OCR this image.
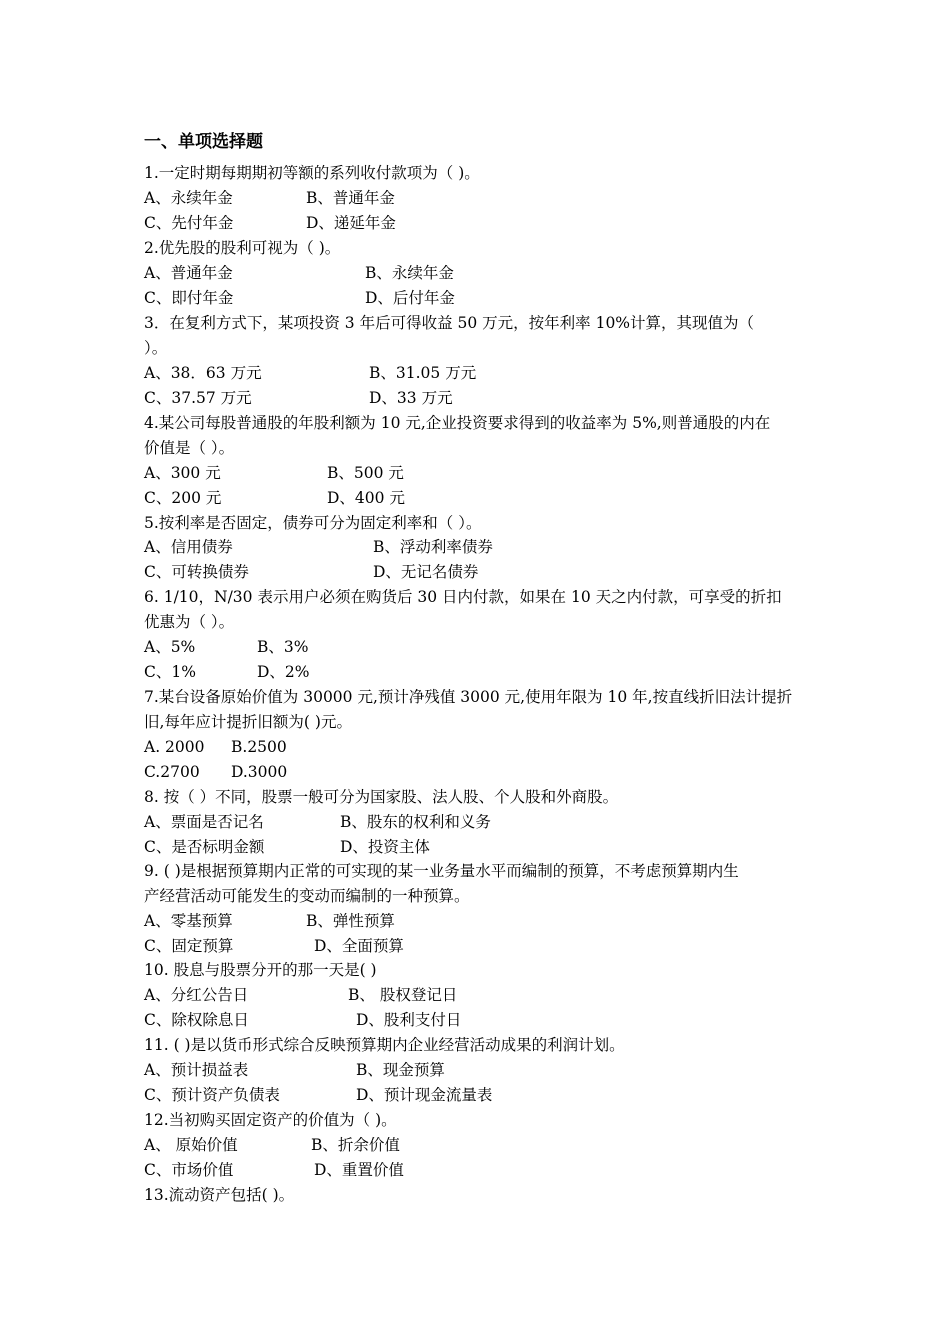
一、单项选择题
1.一定时期每期期初等额的系列收付款项为（ )。
A、永续年金	B、普通年金
C、先付年金	D、递延年金
2.优先股的股利可视为（ )。
A、普通年金	B、永续年金
C、即付年金	D、后付年金
3．在复利方式下，某项投资 3 年后可得收益 50 万元，按年利率 10%计算，其现值为（
）。
A、38．63 万元	B、31.05 万元
C、37.57 万元	D、33 万元
4.某公司每股普通股的年股利额为 10 元,企业投资要求得到的收益率为 5%,则普通股的内在
价值是（ ）。
A、300 元	B、500 元
C、200 元	D、400 元
5.按利率是否固定，债券可分为固定利率和（ ）。
A、信用债券	B、浮动利率债券
C、可转换债券	D、无记名债券
6. 1/10，N/30 表示用户必须在购货后 30 日内付款，如果在 10 天之内付款，可享受的折扣
优惠为（ ）。
A、5%	B、3%
C、1%	D、2%
7.某台设备原始价值为 30000 元,预计净残值 3000 元,使用年限为 10 年,按直线折旧法计提折
旧,每年应计提折旧额为( )元。
A. 2000 B.2500
C.2700 D.3000
8. 按（ ）不同，股票一般可分为国家股、法人股、个人股和外商股。
A、票面是否记名	B、股东的权利和义务
C、是否标明金额	D、投资主体
9. ( )是根据预算期内正常的可实现的某一业务量水平而编制的预算，不考虑预算期内生
产经营活动可能发生的变动而编制的一种预算。
A、零基预算	B、弹性预算
C、固定预算	D、全面预算
10. 股息与股票分开的那一天是( )
A、分红公告日	B、 股权登记日
C、除权除息日	D、股利支付日
11. ( )是以货币形式综合反映预算期内企业经营活动成果的利润计划。
A、预计损益表	B、现金预算
C、预计资产负债表	D、预计现金流量表
12.当初购买固定资产的价值为（ )。
A、 原始价值	B、折余价值
C、市场价值	D、重置价值
13.流动资产包括( )。
